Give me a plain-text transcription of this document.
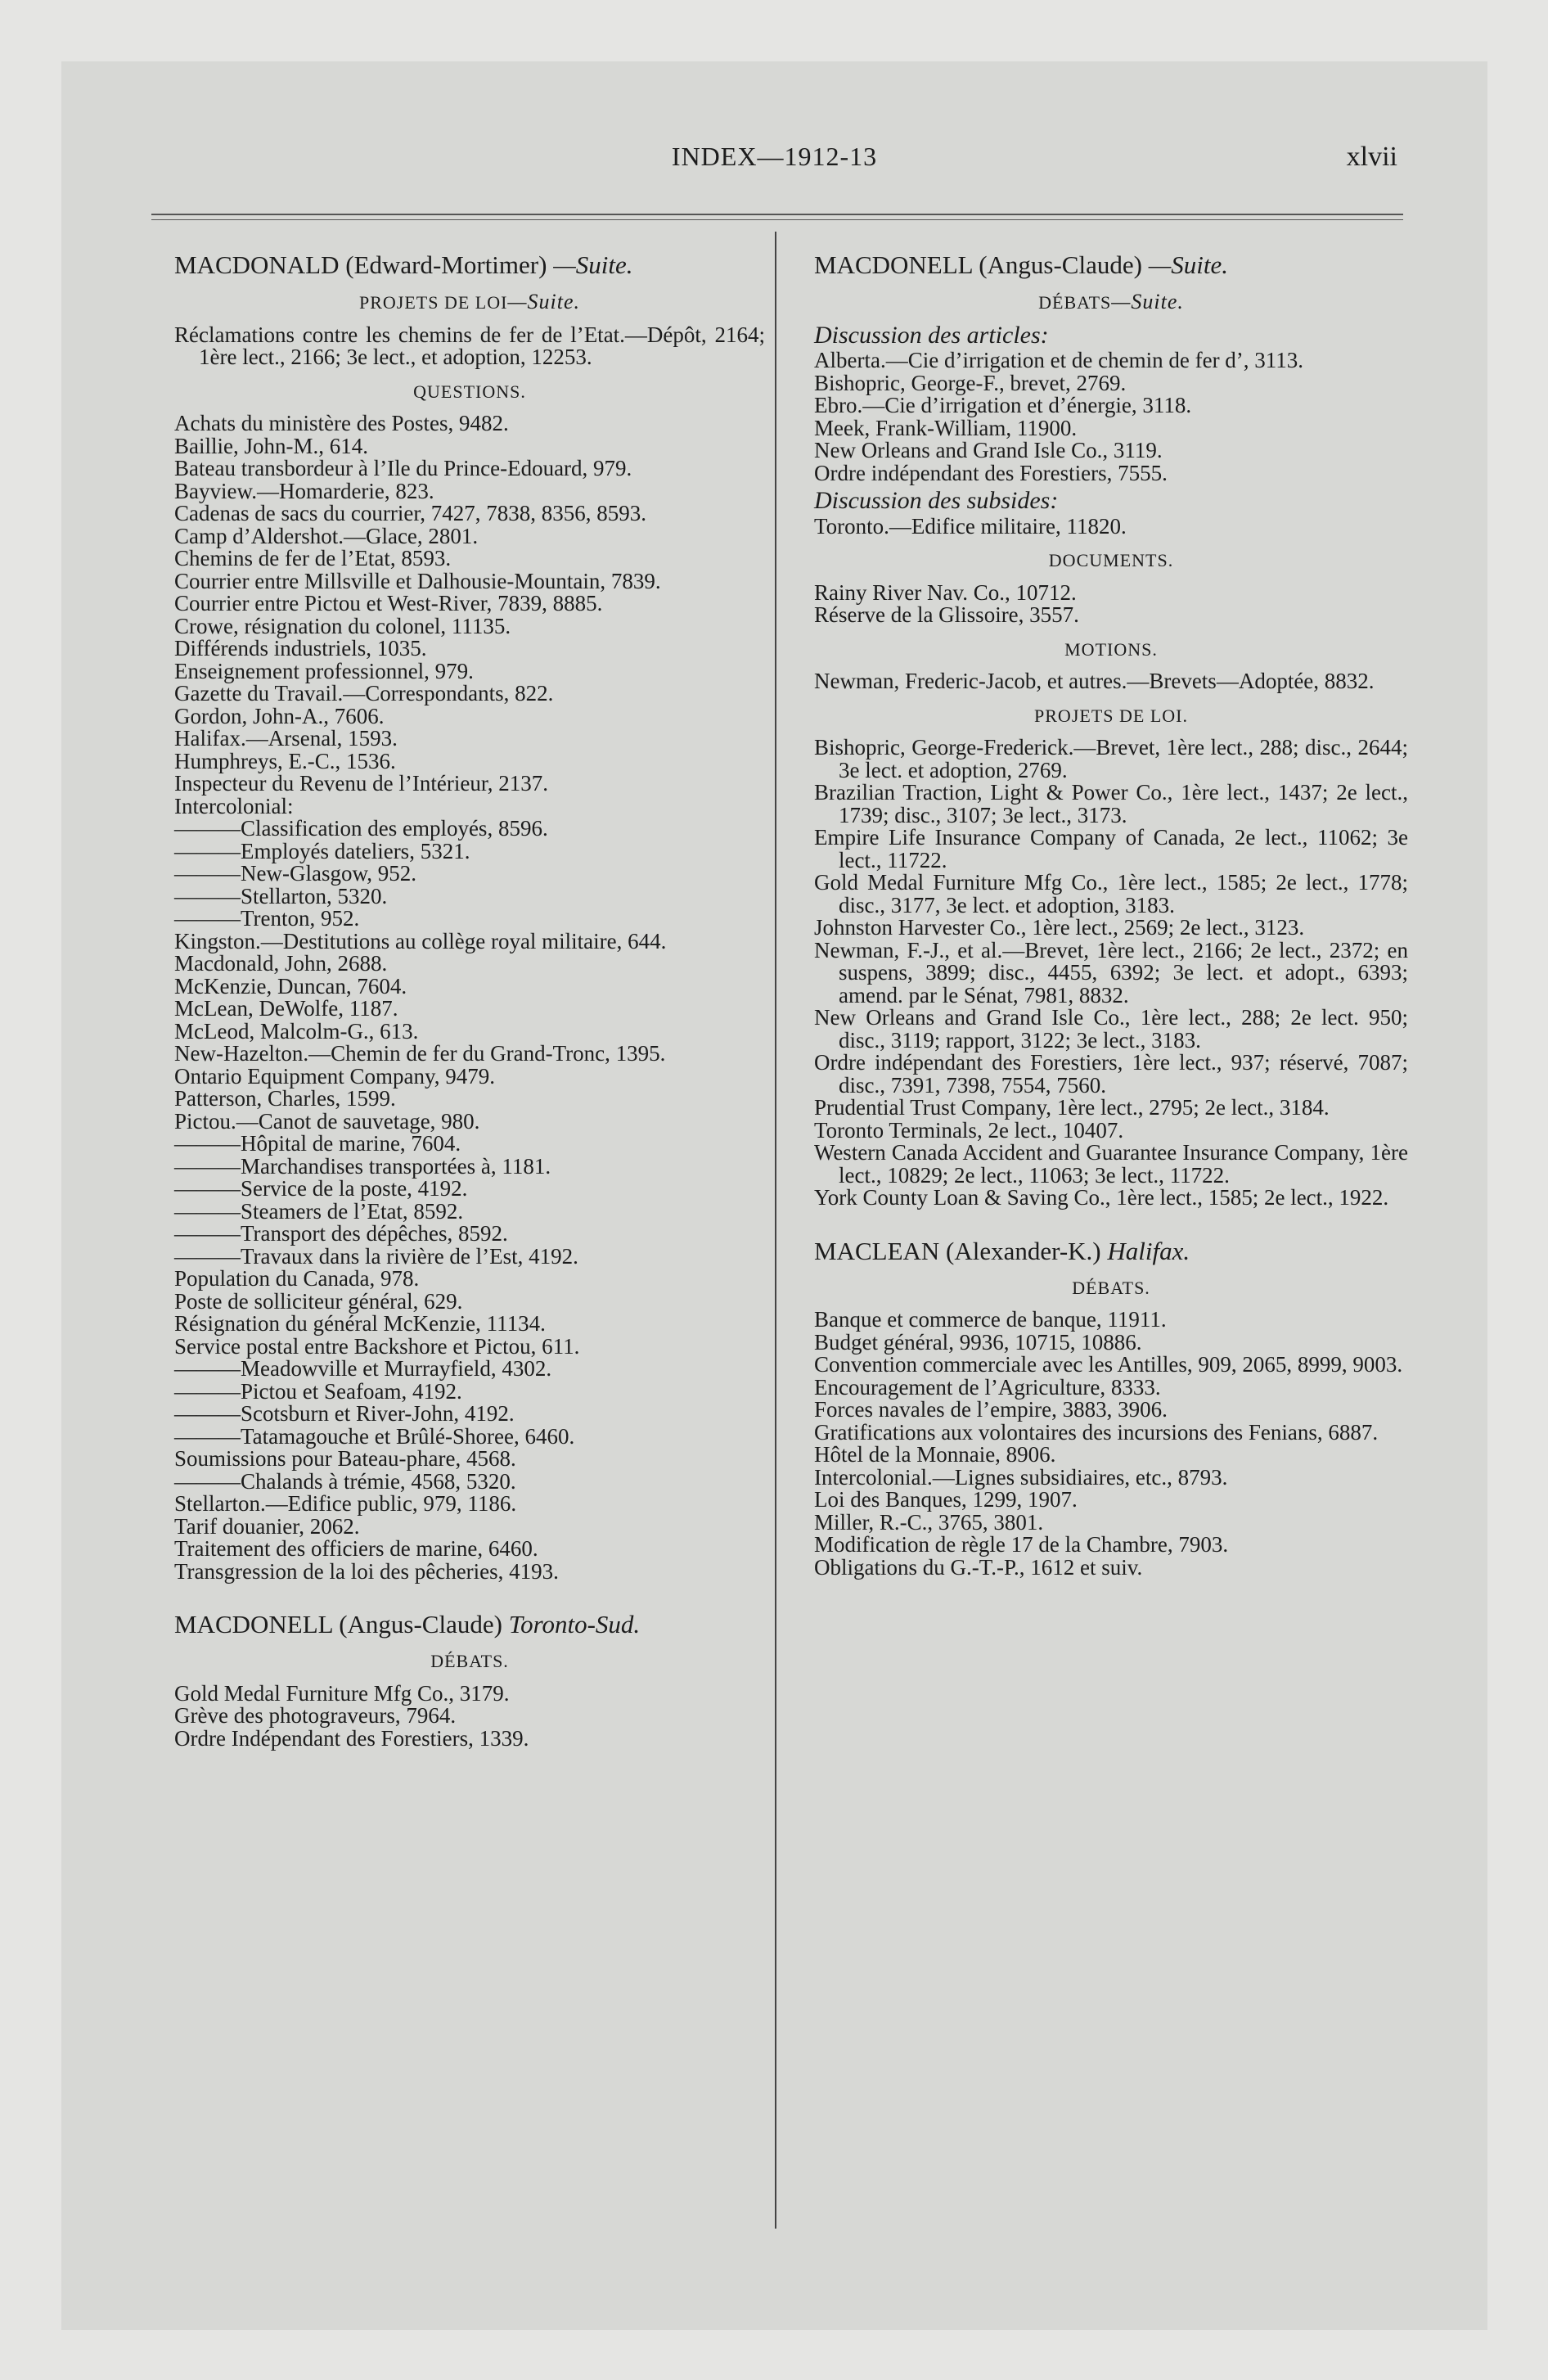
INDEX—1912-13	xlvii
MACDONALD (Edward-Mortimer) —Suite.
PROJETS DE LOI—Suite.

Réclamations contre les chemins de fer de l’Etat.—Dépôt, 2164; 1ère lect., 2166; 3e lect., et adoption, 12253.

QUESTIONS.

Achats du ministère des Postes, 9482.

Baillie, John-M., 614.

Bateau transbordeur à l’Ile du Prince-Edouard, 979.

Bayview.—Homarderie, 823.

Cadenas de sacs du courrier, 7427, 7838, 8356, 8593.

Camp d’Aldershot.—Glace, 2801.

Chemins de fer de l’Etat, 8593.

Courrier entre Millsville et Dalhousie-Mountain, 7839.

Courrier entre Pictou et West-River, 7839, 8885.

Crowe, résignation du colonel, 11135.

Différends industriels, 1035.

Enseignement professionnel, 979.

Gazette du Travail.—Correspondants, 822.

Gordon, John-A., 7606.

Halifax.—Arsenal, 1593.

Humphreys, E.-C., 1536.

Inspecteur du Revenu de l’Intérieur, 2137.

Intercolonial:

———Classification des employés, 8596.

———Employés dateliers, 5321.

———New-Glasgow, 952.

———Stellarton, 5320.

———Trenton, 952.

Kingston.—Destitutions au collège royal militaire, 644.

Macdonald, John, 2688.

McKenzie, Duncan, 7604.

McLean, DeWolfe, 1187.

McLeod, Malcolm-G., 613.

New-Hazelton.—Chemin de fer du Grand-Tronc, 1395.

Ontario Equipment Company, 9479.

Patterson, Charles, 1599.

Pictou.—Canot de sauvetage, 980.

———Hôpital de marine, 7604.

———Marchandises transportées à, 1181.

———Service de la poste, 4192.

———Steamers de l’Etat, 8592.

———Transport des dépêches, 8592.

———Travaux dans la rivière de l’Est, 4192.

Population du Canada, 978.

Poste de solliciteur général, 629.

Résignation du général McKenzie, 11134.

Service postal entre Backshore et Pictou, 611.

———Meadowville et Murrayfield, 4302.

———Pictou et Seafoam, 4192.

———Scotsburn et River-John, 4192.

———Tatamagouche et Brûlé-Shoree, 6460.

Soumissions pour Bateau-phare, 4568.

———Chalands à trémie, 4568, 5320.

Stellarton.—Edifice public, 979, 1186.

Tarif douanier, 2062.

Traitement des officiers de marine, 6460.

Transgression de la loi des pêcheries, 4193.

MACDONELL (Angus-Claude) Toronto-Sud.
DÉBATS.

Gold Medal Furniture Mfg Co., 3179.

Grève des photograveurs, 7964.

Ordre Indépendant des Forestiers, 1339.

MACDONELL (Angus-Claude) —Suite.
DÉBATS—Suite.
Discussion des articles:

Alberta.—Cie d’irrigation et de chemin de fer d’, 3113.

Bishopric, George-F., brevet, 2769.

Ebro.—Cie d’irrigation et d’énergie, 3118.

Meek, Frank-William, 11900.

New Orleans and Grand Isle Co., 3119.

Ordre indépendant des Forestiers, 7555.

Discussion des subsides:

Toronto.—Edifice militaire, 11820.

DOCUMENTS.

Rainy River Nav. Co., 10712.

Réserve de la Glissoire, 3557.

MOTIONS.

Newman, Frederic-Jacob, et autres.—Brevets—Adoptée, 8832.

PROJETS DE LOI.

Bishopric, George-Frederick.—Brevet, 1ère lect., 288; disc., 2644; 3e lect. et adoption, 2769.

Brazilian Traction, Light & Power Co., 1ère lect., 1437; 2e lect., 1739; disc., 3107; 3e lect., 3173.

Empire Life Insurance Company of Canada, 2e lect., 11062; 3e lect., 11722.

Gold Medal Furniture Mfg Co., 1ère lect., 1585; 2e lect., 1778; disc., 3177, 3e lect. et adoption, 3183.

Johnston Harvester Co., 1ère lect., 2569; 2e lect., 3123.

Newman, F.-J., et al.—Brevet, 1ère lect., 2166; 2e lect., 2372; en suspens, 3899; disc., 4455, 6392; 3e lect. et adopt., 6393; amend. par le Sénat, 7981, 8832.

New Orleans and Grand Isle Co., 1ère lect., 288; 2e lect. 950; disc., 3119; rapport, 3122; 3e lect., 3183.

Ordre indépendant des Forestiers, 1ère lect., 937; réservé, 7087; disc., 7391, 7398, 7554, 7560.

Prudential Trust Company, 1ère lect., 2795; 2e lect., 3184.

Toronto Terminals, 2e lect., 10407.

Western Canada Accident and Guarantee Insurance Company, 1ère lect., 10829; 2e lect., 11063; 3e lect., 11722.

York County Loan & Saving Co., 1ère lect., 1585; 2e lect., 1922.

MACLEAN (Alexander-K.) Halifax.
DÉBATS.

Banque et commerce de banque, 11911.

Budget général, 9936, 10715, 10886.

Convention commerciale avec les Antilles, 909, 2065, 8999, 9003.

Encouragement de l’Agriculture, 8333.

Forces navales de l’empire, 3883, 3906.

Gratifications aux volontaires des incursions des Fenians, 6887.

Hôtel de la Monnaie, 8906.

Intercolonial.—Lignes subsidiaires, etc., 8793.

Loi des Banques, 1299, 1907.

Miller, R.-C., 3765, 3801.

Modification de règle 17 de la Chambre, 7903.

Obligations du G.-T.-P., 1612 et suiv.
